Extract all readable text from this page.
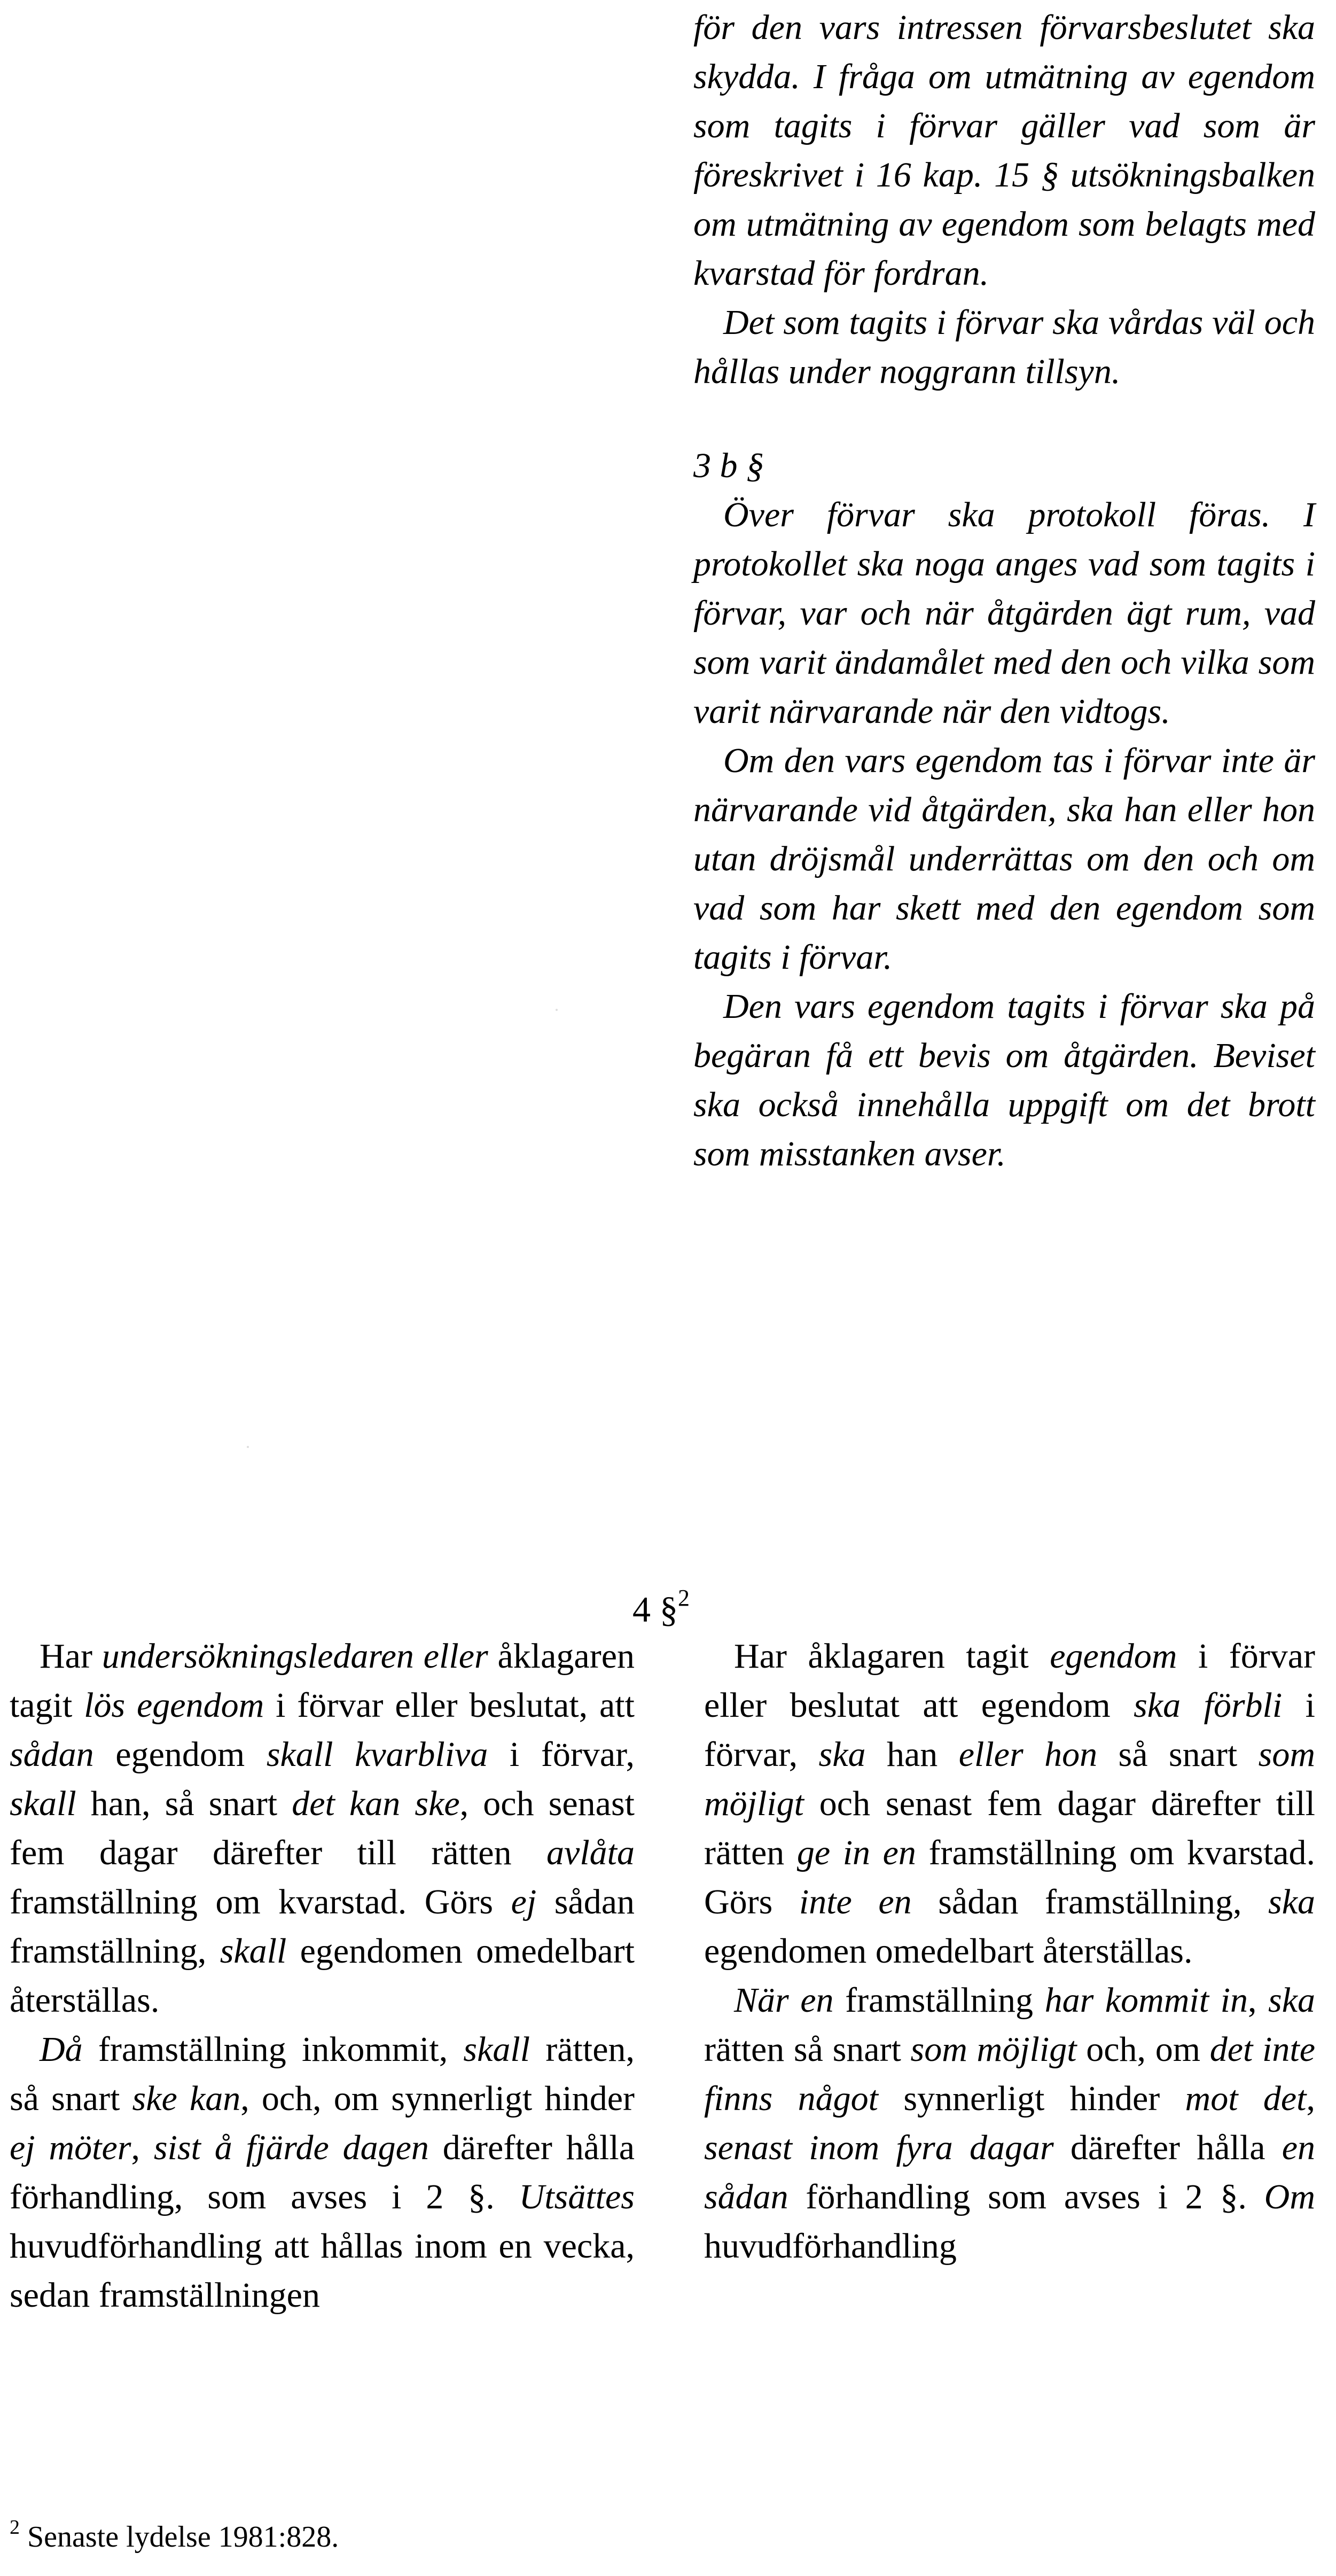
för den vars intressen förvarsbeslutet ska skydda. I fråga om utmätning av egendom som tagits i förvar gäller vad som är föreskrivet i 16 kap. 15 § utsökningsbalken om utmätning av egendom som belagts med kvarstad för fordran.

Det som tagits i förvar ska vårdas väl och hållas under noggrann tillsyn.

3 b §

Över förvar ska protokoll föras. I protokollet ska noga anges vad som tagits i förvar, var och när åtgärden ägt rum, vad som varit ändamålet med den och vilka som varit närvarande när den vidtogs.

Om den vars egendom tas i förvar inte är närvarande vid åtgärden, ska han eller hon utan dröjsmål underrättas om den och om vad som har skett med den egendom som tagits i förvar.

Den vars egendom tagits i förvar ska på begäran få ett bevis om åtgärden. Beviset ska också innehålla uppgift om det brott som misstanken avser.

4 §$^2$

Har undersökningsledaren eller åklagaren tagit lös egendom i förvar eller beslutat, att sådan egendom skall kvarbliva i förvar, skall han, så snart det kan ske, och senast fem dagar därefter till rätten avlåta framställning om kvarstad. Görs ej sådan framställning, skall egendomen omedelbart återställas.

Då framställning inkommit, skall rätten, så snart ske kan, och, om synnerligt hinder ej möter, sist å fjärde dagen därefter hålla förhandling, som avses i 2 §. Utsättes huvudförhandling att hållas inom en vecka, sedan framställningen

Har åklagaren tagit egendom i förvar eller beslutat att egendom ska förbli i förvar, ska han eller hon så snart som möjligt och senast fem dagar därefter till rätten ge in en framställning om kvarstad. Görs inte en sådan framställning, ska egendomen omedelbart återställas.

När en framställning har kommit in, ska rätten så snart som möjligt och, om det inte finns något synnerligt hinder mot det, senast inom fyra dagar därefter hålla en sådan förhandling som avses i 2 §. Om huvudförhandling

$^2$ Senaste lydelse 1981:828.
